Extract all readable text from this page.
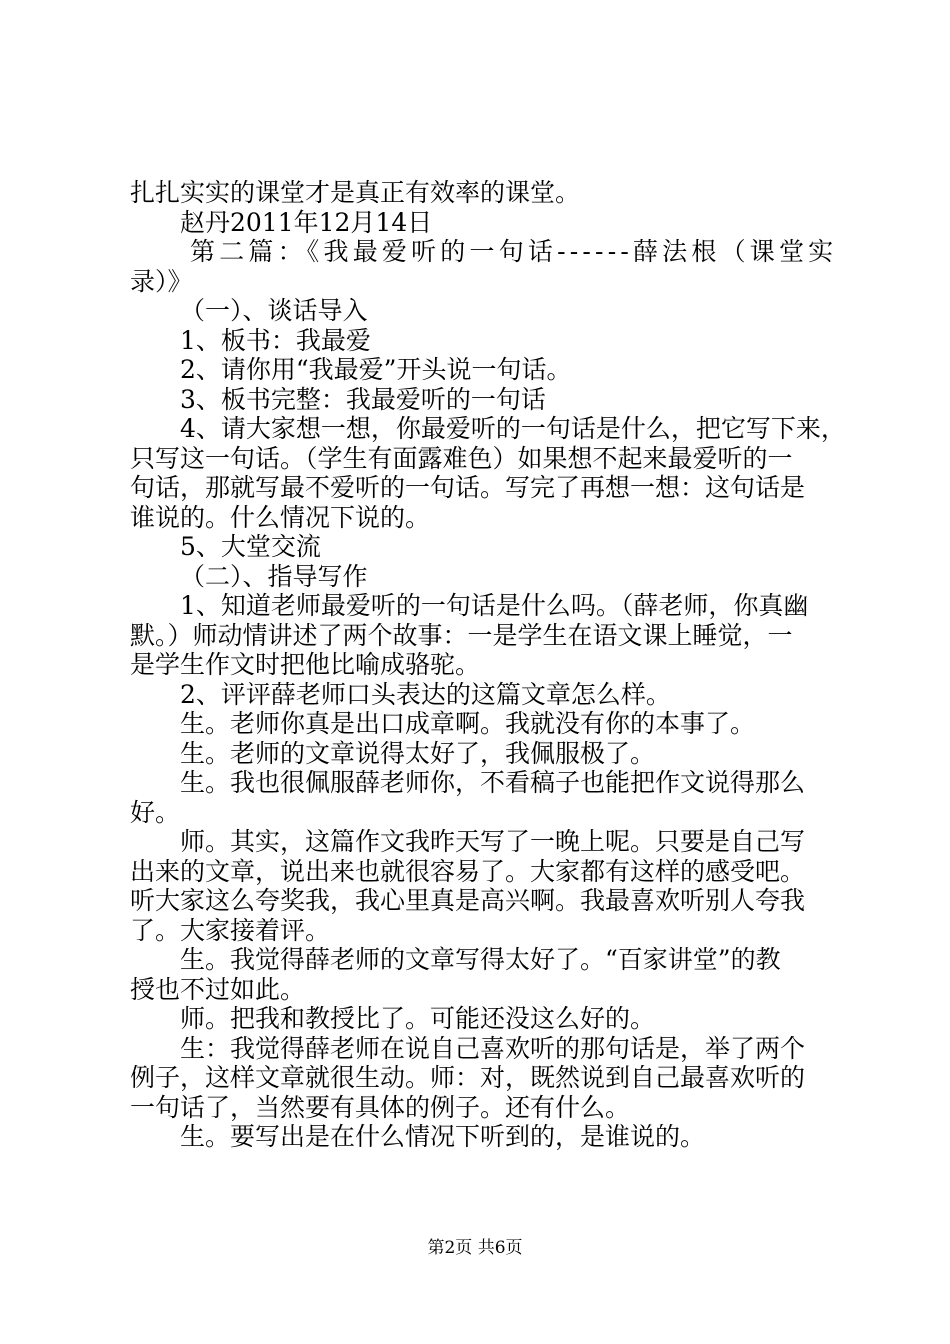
扎扎实实的课堂才是真正有效率的课堂。

赵丹2011年12月14日

第二篇：《我最爱听的一句话------薛法根（课堂实

录）》

（一）、谈话导入

1、板书：我最爱

2、请你用“我最爱”开头说一句话。

3、板书完整：我最爱听的一句话

4、请大家想一想，你最爱听的一句话是什么，把它写下来，

只写这一句话。（学生有面露难色）如果想不起来最爱听的一

句话，那就写最不爱听的一句话。写完了再想一想：这句话是

谁说的。什么情况下说的。

5、大堂交流

（二）、指导写作

1、知道老师最爱听的一句话是什么吗。（薛老师，你真幽

默。）师动情讲述了两个故事：一是学生在语文课上睡觉，一

是学生作文时把他比喻成骆驼。

2、评评薛老师口头表达的这篇文章怎么样。

生。老师你真是出口成章啊。我就没有你的本事了。

生。老师的文章说得太好了，我佩服极了。

生。我也很佩服薛老师你，不看稿子也能把作文说得那么

好。

师。其实，这篇作文我昨天写了一晚上呢。只要是自己写

出来的文章，说出来也就很容易了。大家都有这样的感受吧。

听大家这么夸奖我，我心里真是高兴啊。我最喜欢听别人夸我

了。大家接着评。

生。我觉得薛老师的文章写得太好了。“百家讲堂”的教

授也不过如此。

师。把我和教授比了。可能还没这么好的。

生：我觉得薛老师在说自己喜欢听的那句话是，举了两个

例子，这样文章就很生动。师：对，既然说到自己最喜欢听的

一句话了，当然要有具体的例子。还有什么。

生。要写出是在什么情况下听到的，是谁说的。

第2页 共6页
